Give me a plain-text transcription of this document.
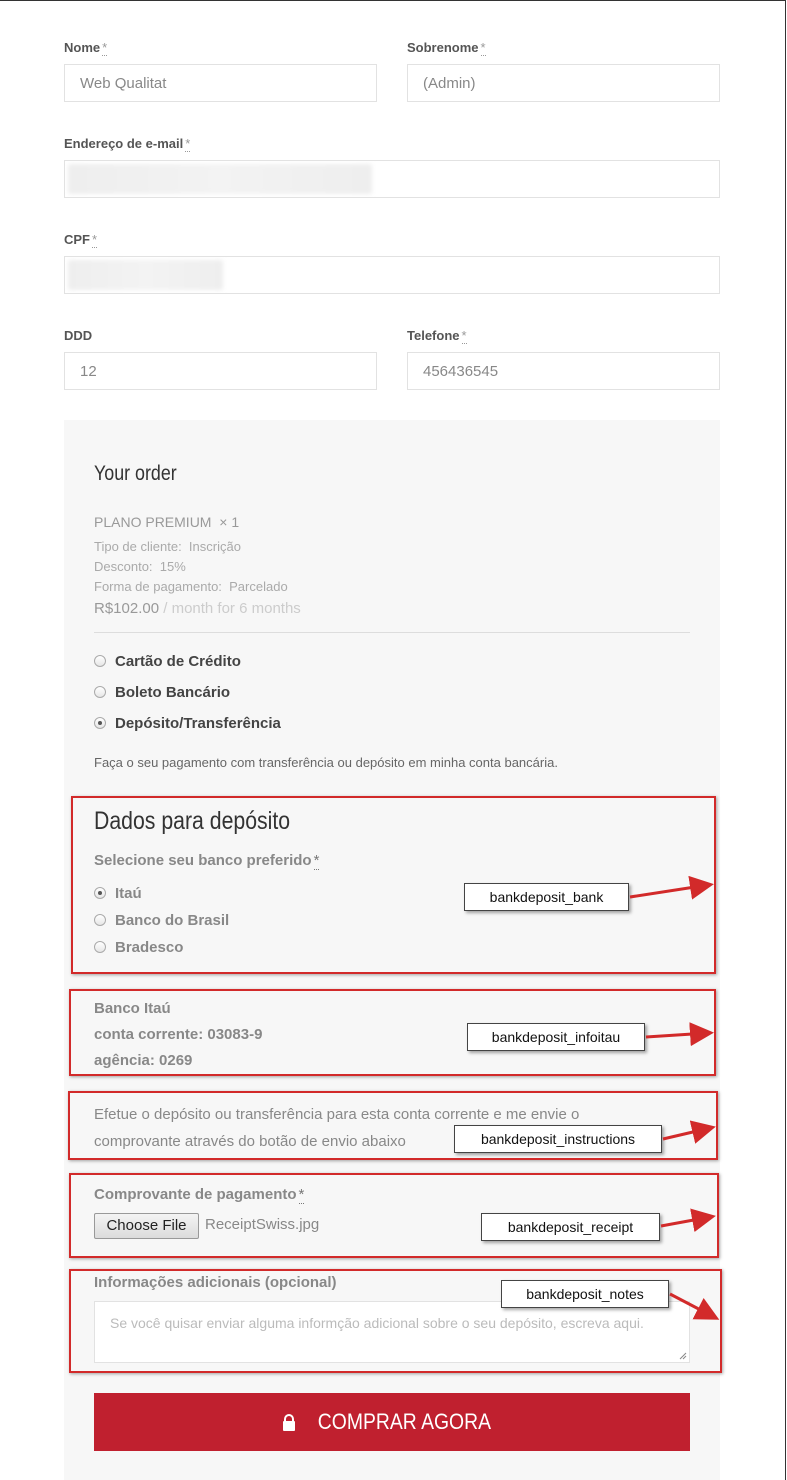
Nome *
Web Qualitat
Sobrenome *
(Admin)
Endereço de e-mail *
CPF *
DDD
12
Telefone *
456436545
Your order
PLANO PREMIUM × 1
Tipo de cliente: Inscrição
Desconto: 15%
Forma de pagamento: Parcelado
R$102.00 / month for 6 months
Cartão de Crédito
Boleto Bancário
Depósito/Transferência
Faça o seu pagamento com transferência ou depósito em minha conta bancária.
Dados para depósito
Selecione seu banco preferido *
Itaú
Banco do Brasil
Bradesco
Banco Itaú
conta corrente: 03083-9
agência: 0269
Efetue o depósito ou transferência para esta conta corrente e me envie o
comprovante através do botão de envio abaixo
Comprovante de pagamento *
Choose File	ReceiptSwiss.jpg
Informações adicionais (opcional)
Se você quisar enviar alguma informção adicional sobre o seu depósito, escreva aqui.
COMPRAR AGORA
bankdeposit_bank
bankdeposit_infoitau
bankdeposit_instructions
bankdeposit_receipt
bankdeposit_notes
